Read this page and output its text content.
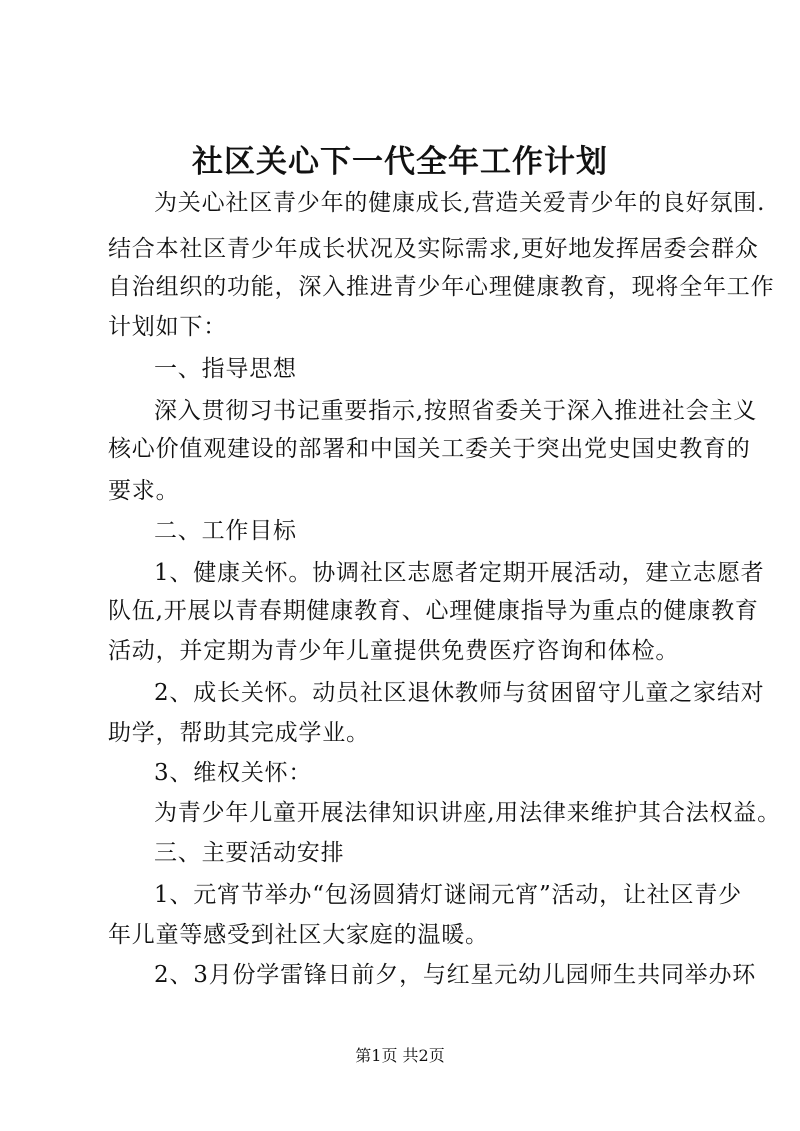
社区关心下一代全年工作计划
为关心社区青少年的健康成长,营造关爱青少年的良好氛围.
结合本社区青少年成长状况及实际需求,更好地发挥居委会群众
自治组织的功能，深入推进青少年心理健康教育，现将全年工作
计划如下：
一、指导思想
深入贯彻习书记重要指示,按照省委关于深入推进社会主义
核心价值观建设的部署和中国关工委关于突出党史国史教育的
要求。
二、工作目标
1、健康关怀。协调社区志愿者定期开展活动，建立志愿者
队伍,开展以青春期健康教育、心理健康指导为重点的健康教育
活动，并定期为青少年儿童提供免费医疗咨询和体检。
2、成长关怀。动员社区退休教师与贫困留守儿童之家结对
助学，帮助其完成学业。
3、维权关怀：
为青少年儿童开展法律知识讲座,用法律来维护其合法权益。
三、主要活动安排
1、元宵节举办“包汤圆猜灯谜闹元宵”活动，让社区青少
年儿童等感受到社区大家庭的温暖。
2、3月份学雷锋日前夕，与红星元幼儿园师生共同举办环
第1页 共2页
